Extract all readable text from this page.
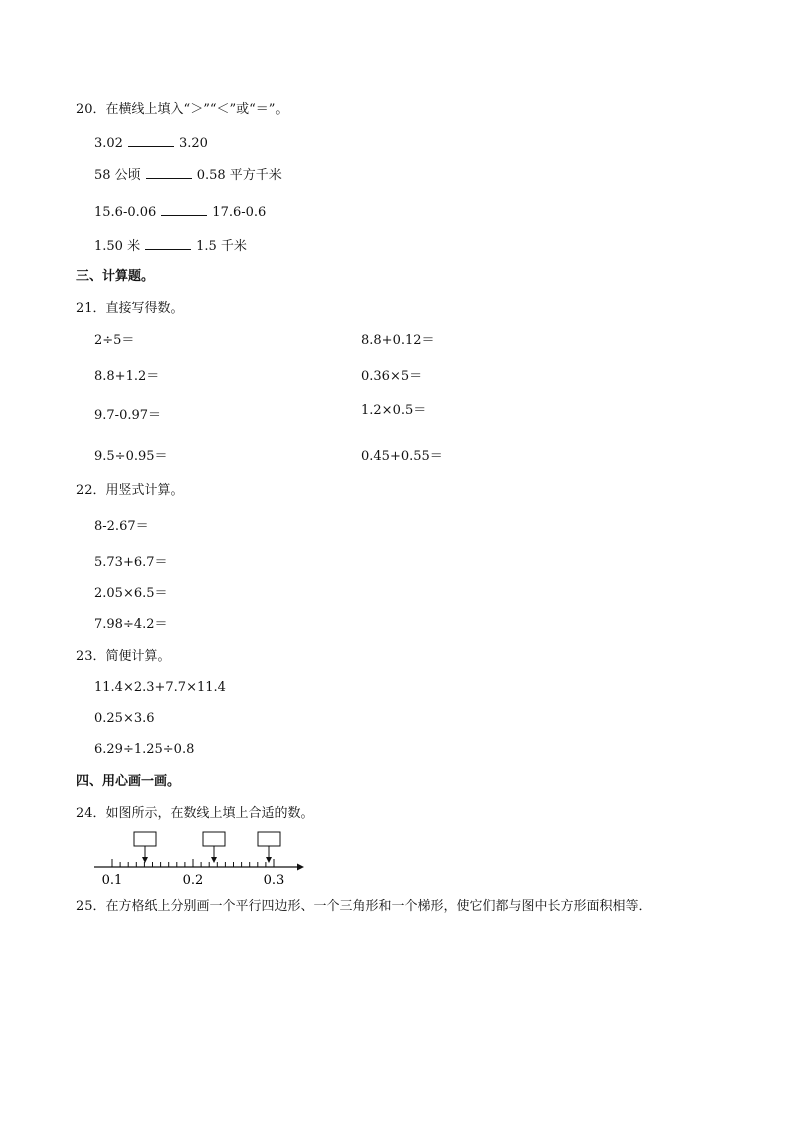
20．在横线上填入“＞”“＜”或“＝”。

3.02	3.20

58 公顷	0.58 平方千米

15.6-0.06	17.6-0.6

1.50 米	1.5 千米

三、计算题。

21．直接写得数。

2÷5＝	8.8+0.12＝

8.8+1.2＝	0.36×5＝

9.7-0.97＝	1.2×0.5＝

9.5÷0.95＝	0.45+0.55＝

22．用竖式计算。

8-2.67＝

5.73+6.7＝

2.05×6.5＝

7.98÷4.2＝

23．简便计算。

11.4×2.3+7.7×11.4

0.25×3.6

6.29÷1.25÷0.8

四、用心画一画。

24．如图所示，在数线上填上合适的数。

0.1	0.2	0.3

25．在方格纸上分别画一个平行四边形、一个三角形和一个梯形，使它们都与图中长方形面积相等．
